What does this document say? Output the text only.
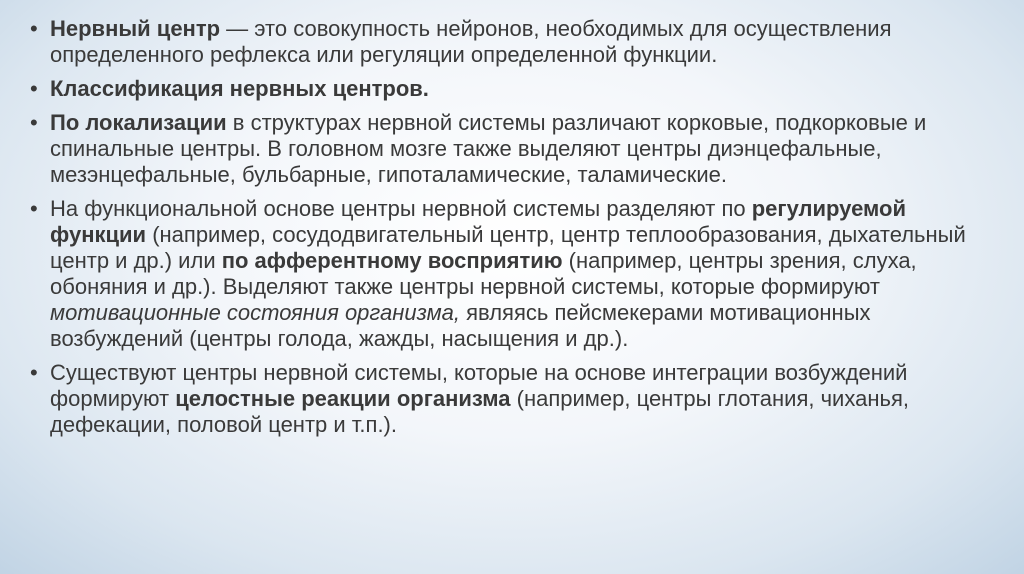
• Нервный центр — это совокупность нейронов, необходимых для осуществления определенного рефлекса или регуляции определенной функции.
• Классификация нервных центров.
• По локализации в структурах нервной системы различают корковые, подкорковые и спинальные центры. В головном мозге также выделяют центры диэнцефальные, мезэнцефальные, бульбарные, гипоталамические, таламические.
• На функциональной основе центры нервной системы разделяют по регулируемой функции (например, сосудодвигательный центр, центр теплообразования, дыхательный центр и др.) или по афферентному восприятию (например, центры зрения, слуха, обоняния и др.). Выделяют также центры нервной системы, которые формируют мотивационные состояния организма, являясь пейсмекерами мотивационных возбуждений (центры голода, жажды, насыщения и др.).
• Существуют центры нервной системы, которые на основе интеграции возбуждений формируют целостные реакции организма (например, центры глотания, чиханья, дефекации, половой центр и т.п.).
